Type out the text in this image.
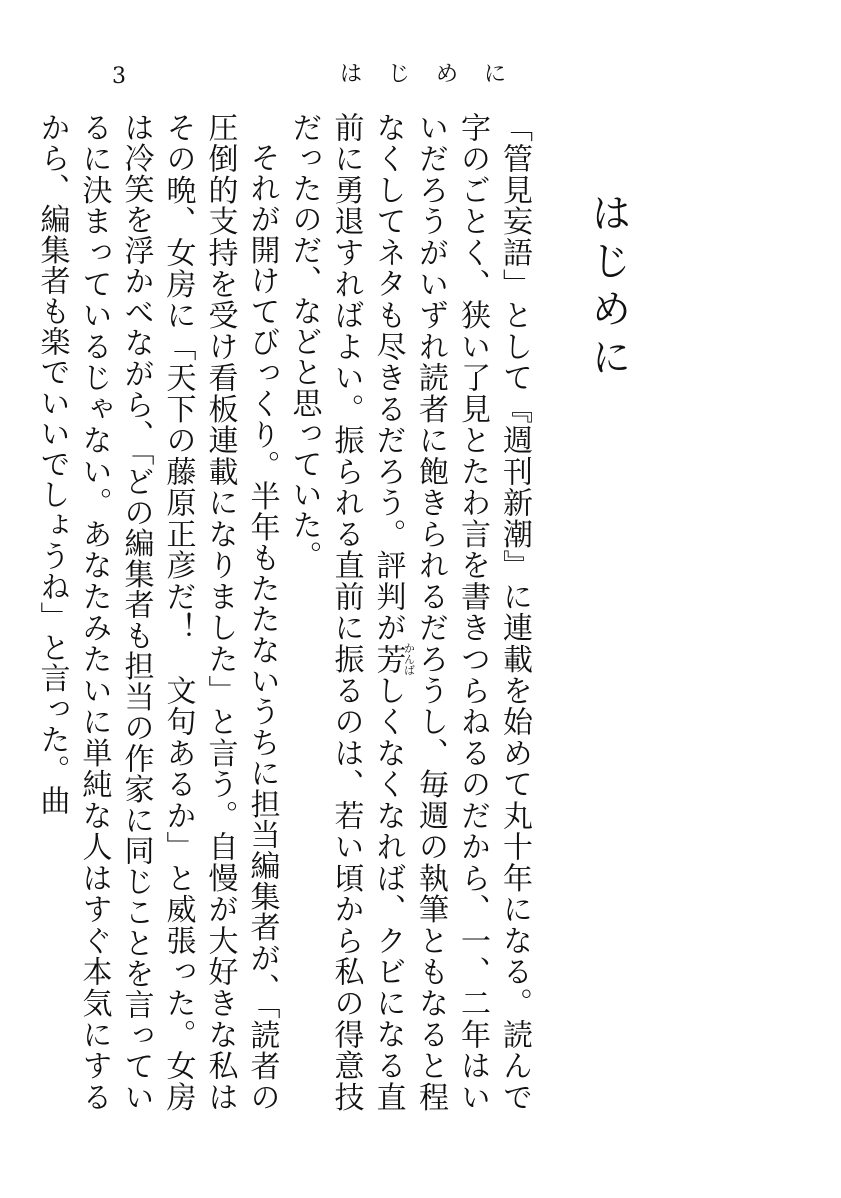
3	はじめに
はじめに

「管見妄語」として『週刊新潮』に連載を始めて丸十年になる。読んで字のごとく、狭い了見とたわ言を書きつらねるのだから、一、二年はいいだろうがいずれ読者に飽きられるだろうし、毎週の執筆ともなると程なくしてネタも尽きるだろう。評判が芳かんばしくなくなれば、クビになる直前に勇退すればよい。振られる直前に振るのは、若い頃から私の得意技だったのだ、などと思っていた。

それが開けてびっくり。半年もたたないうちに担当編集者が、「読者の圧倒的支持を受け看板連載になりました」と言う。自慢が大好きな私はその晩、女房に「天下の藤原正彦だ！　文句あるか」と威張った。女房は冷笑を浮かべながら、「どの編集者も担当の作家に同じことを言っているに決まっているじゃない。あなたみたいに単純な人はすぐ本気にするから、編集者も楽でいいでしょうね」と言った。曲
